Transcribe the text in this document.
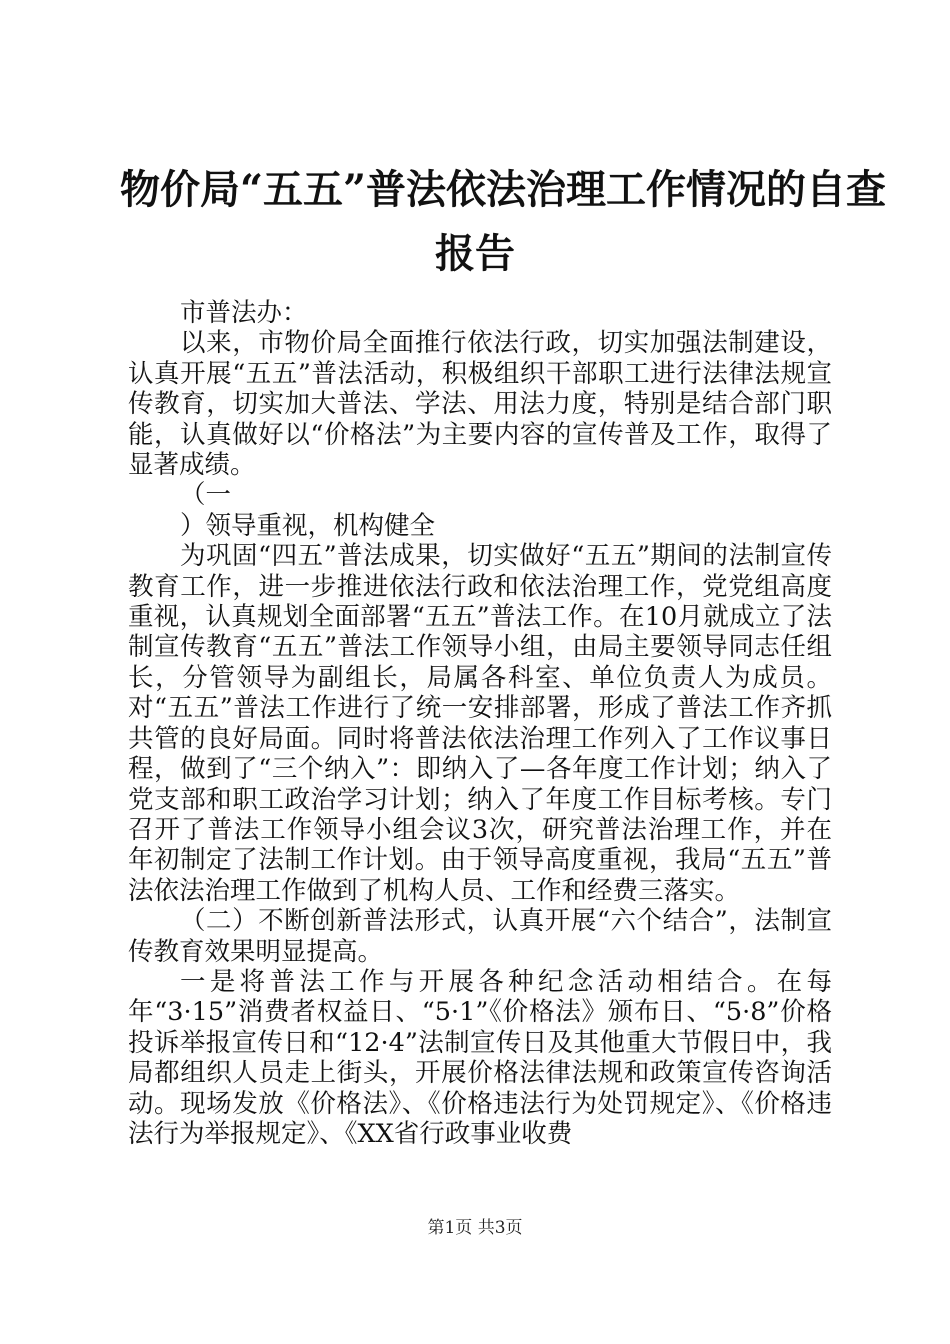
物价局“五五”普法依法治理工作情况的自查
报告

市普法办：

以来，市物价局全面推行依法行政，切实加强法制建设，认真开展“五五”普法活动，积极组织干部职工进行法律法规宣传教育，切实加大普法、学法、用法力度，特别是结合部门职能，认真做好以“价格法”为主要内容的宣传普及工作，取得了显著成绩。

（一

）领导重视，机构健全

为巩固“四五”普法成果，切实做好“五五”期间的法制宣传教育工作，进一步推进依法行政和依法治理工作，党党组高度重视，认真规划全面部署“五五”普法工作。在10月就成立了法制宣传教育“五五”普法工作领导小组，由局主要领导同志任组长，分管领导为副组长，局属各科室、单位负责人为成员。对“五五”普法工作进行了统一安排部署，形成了普法工作齐抓共管的良好局面。同时将普法依法治理工作列入了工作议事日程，做到了“三个纳入”：即纳入了—各年度工作计划；纳入了党支部和职工政治学习计划；纳入了年度工作目标考核。专门召开了普法工作领导小组会议3次，研究普法治理工作，并在年初制定了法制工作计划。由于领导高度重视，我局“五五”普法依法治理工作做到了机构人员、工作和经费三落实。

（二）不断创新普法形式，认真开展“六个结合”，法制宣传教育效果明显提高。

一是将普法工作与开展各种纪念活动相结合。在每年“3·15”消费者权益日、“5·1”《价格法》颁布日、“5·8”价格投诉举报宣传日和“12·4”法制宣传日及其他重大节假日中，我局都组织人员走上街头，开展价格法律法规和政策宣传咨询活动。现场发放《价格法》、《价格违法行为处罚规定》、《价格违法行为举报规定》、《XX省行政事业收费

第1页 共3页
